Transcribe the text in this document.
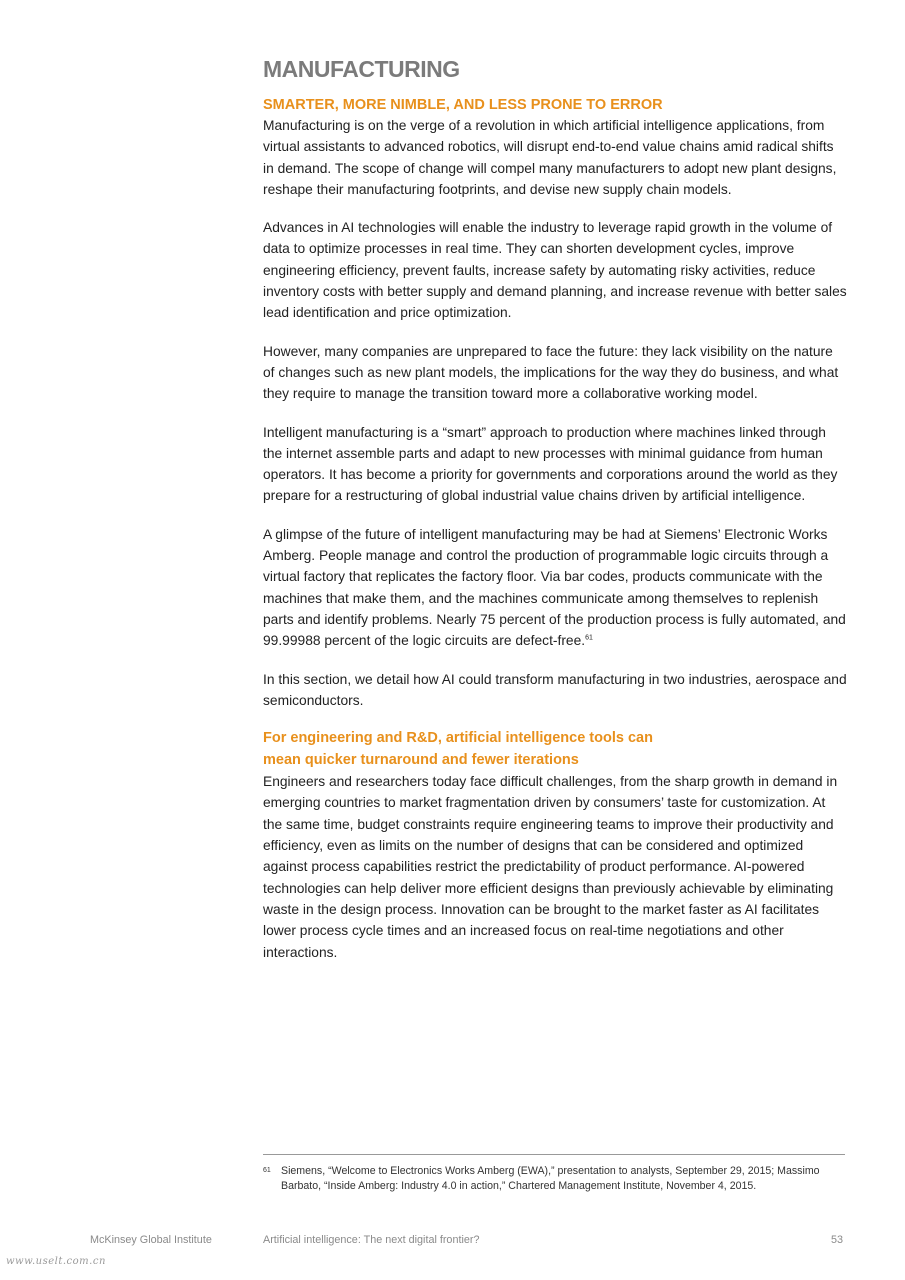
MANUFACTURING
SMARTER, MORE NIMBLE, AND LESS PRONE TO ERROR

Manufacturing is on the verge of a revolution in which artificial intelligence applications, from virtual assistants to advanced robotics, will disrupt end-to-end value chains amid radical shifts in demand. The scope of change will compel many manufacturers to adopt new plant designs, reshape their manufacturing footprints, and devise new supply chain models.

Advances in AI technologies will enable the industry to leverage rapid growth in the volume of data to optimize processes in real time. They can shorten development cycles, improve engineering efficiency, prevent faults, increase safety by automating risky activities, reduce inventory costs with better supply and demand planning, and increase revenue with better sales lead identification and price optimization.

However, many companies are unprepared to face the future: they lack visibility on the nature of changes such as new plant models, the implications for the way they do business, and what they require to manage the transition toward more a collaborative working model.

Intelligent manufacturing is a “smart” approach to production where machines linked through the internet assemble parts and adapt to new processes with minimal guidance from human operators. It has become a priority for governments and corporations around the world as they prepare for a restructuring of global industrial value chains driven by artificial intelligence.

A glimpse of the future of intelligent manufacturing may be had at Siemens’ Electronic Works Amberg. People manage and control the production of programmable logic circuits through a virtual factory that replicates the factory floor. Via bar codes, products communicate with the machines that make them, and the machines communicate among themselves to replenish parts and identify problems. Nearly 75 percent of the production process is fully automated, and 99.99988 percent of the logic circuits are defect-free.$^{61}$

In this section, we detail how AI could transform manufacturing in two industries, aerospace and semiconductors.

For engineering and R&D, artificial intelligence tools can
mean quicker turnaround and fewer iterations

Engineers and researchers today face difficult challenges, from the sharp growth in demand in emerging countries to market fragmentation driven by consumers’ taste for customization. At the same time, budget constraints require engineering teams to improve their productivity and efficiency, even as limits on the number of designs that can be considered and optimized against process capabilities restrict the predictability of product performance. AI-powered technologies can help deliver more efficient designs than previously achievable by eliminating waste in the design process. Innovation can be brought to the market faster as AI facilitates lower process cycle times and an increased focus on real-time negotiations and other interactions.

61 Siemens, “Welcome to Electronics Works Amberg (EWA),” presentation to analysts, September 29, 2015; Massimo Barbato, “Inside Amberg: Industry 4.0 in action,” Chartered Management Institute, November 4, 2015.
McKinsey Global Institute	Artificial intelligence: The next digital frontier?	53
www.uselt.com.cn
